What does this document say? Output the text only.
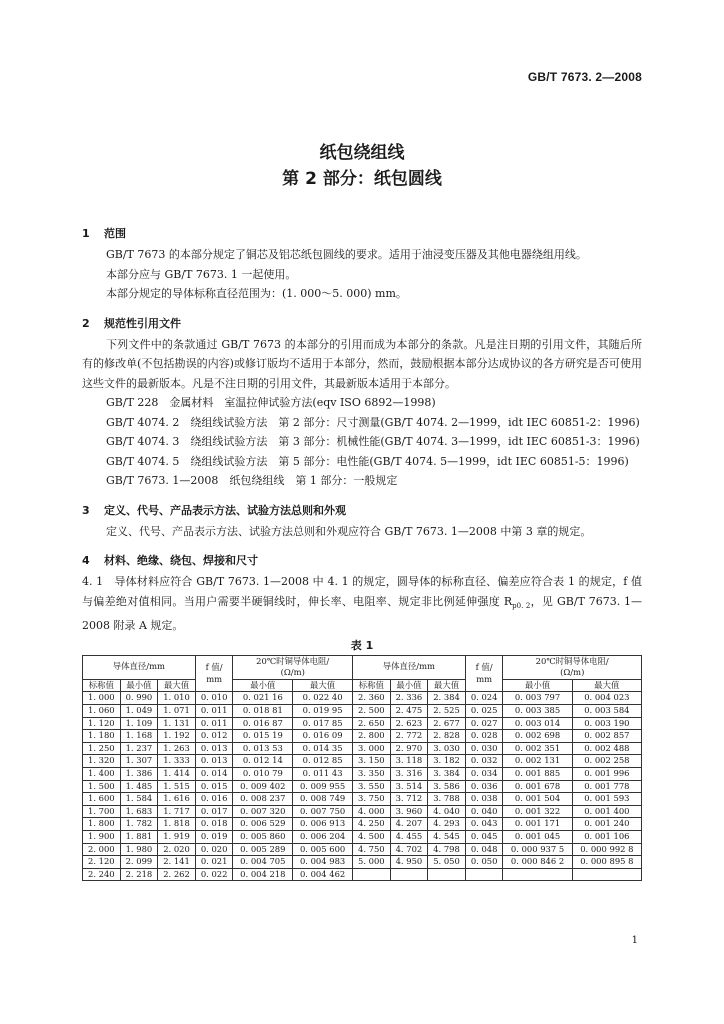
GB/T 7673. 2—2008
纸包绕组线
第 2 部分：纸包圆线
1 范围

GB/T 7673 的本部分规定了铜芯及铝芯纸包圆线的要求。适用于油浸变压器及其他电器绕组用线。

本部分应与 GB/T 7673. 1 一起使用。

本部分规定的导体标称直径范围为：(1. 000～5. 000) mm。

2 规范性引用文件

下列文件中的条款通过 GB/T 7673 的本部分的引用而成为本部分的条款。凡是注日期的引用文件，其随后所有的修改单(不包括勘误的内容)或修订版均不适用于本部分，然而，鼓励根据本部分达成协议的各方研究是否可使用这些文件的最新版本。凡是不注日期的引用文件，其最新版本适用于本部分。

GB/T 228　金属材料　室温拉伸试验方法(eqv ISO 6892—1998)

GB/T 4074. 2　绕组线试验方法　第 2 部分：尺寸测量(GB/T 4074. 2—1999，idt IEC 60851-2：1996)

GB/T 4074. 3　绕组线试验方法　第 3 部分：机械性能(GB/T 4074. 3—1999，idt IEC 60851-3：1996)

GB/T 4074. 5　绕组线试验方法　第 5 部分：电性能(GB/T 4074. 5—1999，idt IEC 60851-5：1996)

GB/T 7673. 1—2008　纸包绕组线　第 1 部分：一般规定

3 定义、代号、产品表示方法、试验方法总则和外观

定义、代号、产品表示方法、试验方法总则和外观应符合 GB/T 7673. 1—2008 中第 3 章的规定。

4 材料、绝缘、绕包、焊接和尺寸

4. 1　导体材料应符合 GB/T 7673. 1—2008 中 4. 1 的规定，圆导体的标称直径、偏差应符合表 1 的规定，f 值与偏差绝对值相同。当用户需要半硬铜线时，伸长率、电阻率、规定非比例延伸强度 $R_{p0. 2}$，见 GB/T 7673. 1—2008 附录 A 规定。

表 1
导体直径/mm			f 值/
mm	20℃时铜导体电阻/
(Ω/m)		导体直径/mm			f 值/
mm	20℃时铜导体电阻/
(Ω/m)	
标称值	最小值	最大值		最小值	最大值	标称值	最小值	最大值		最小值	最大值
1. 000	0. 990	1. 010	0. 010	0. 021 16	0. 022 40	2. 360	2. 336	2. 384	0. 024	0. 003 797	0. 004 023
1. 060	1. 049	1. 071	0. 011	0. 018 81	0. 019 95	2. 500	2. 475	2. 525	0. 025	0. 003 385	0. 003 584
1. 120	1. 109	1. 131	0. 011	0. 016 87	0. 017 85	2. 650	2. 623	2. 677	0. 027	0. 003 014	0. 003 190
1. 180	1. 168	1. 192	0. 012	0. 015 19	0. 016 09	2. 800	2. 772	2. 828	0. 028	0. 002 698	0. 002 857
1. 250	1. 237	1. 263	0. 013	0. 013 53	0. 014 35	3. 000	2. 970	3. 030	0. 030	0. 002 351	0. 002 488
1. 320	1. 307	1. 333	0. 013	0. 012 14	0. 012 85	3. 150	3. 118	3. 182	0. 032	0. 002 131	0. 002 258
1. 400	1. 386	1. 414	0. 014	0. 010 79	0. 011 43	3. 350	3. 316	3. 384	0. 034	0. 001 885	0. 001 996
1. 500	1. 485	1. 515	0. 015	0. 009 402	0. 009 955	3. 550	3. 514	3. 586	0. 036	0. 001 678	0. 001 778
1. 600	1. 584	1. 616	0. 016	0. 008 237	0. 008 749	3. 750	3. 712	3. 788	0. 038	0. 001 504	0. 001 593
1. 700	1. 683	1. 717	0. 017	0. 007 320	0. 007 750	4. 000	3. 960	4. 040	0. 040	0. 001 322	0. 001 400
1. 800	1. 782	1. 818	0. 018	0. 006 529	0. 006 913	4. 250	4. 207	4. 293	0. 043	0. 001 171	0. 001 240
1. 900	1. 881	1. 919	0. 019	0. 005 860	0. 006 204	4. 500	4. 455	4. 545	0. 045	0. 001 045	0. 001 106
2. 000	1. 980	2. 020	0. 020	0. 005 289	0. 005 600	4. 750	4. 702	4. 798	0. 048	0. 000 937 5	0. 000 992 8
2. 120	2. 099	2. 141	0. 021	0. 004 705	0. 004 983	5. 000	4. 950	5. 050	0. 050	0. 000 846 2	0. 000 895 8
2. 240	2. 218	2. 262	0. 022	0. 004 218	0. 004 462						
1
